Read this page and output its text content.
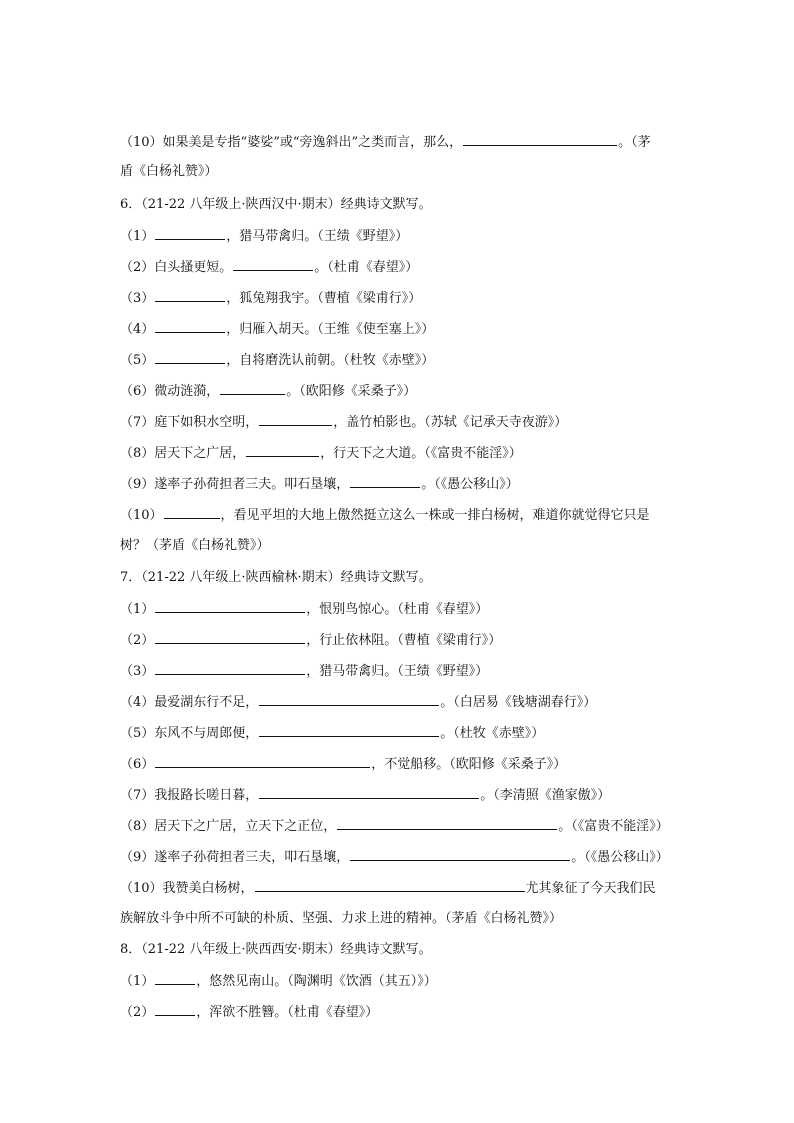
（10）如果美是专指“婆娑”或“旁逸斜出”之类而言，那么，	。（茅
盾《白杨礼赞》）
6．（21-22 八年级上·陕西汉中·期末）经典诗文默写。
（1）	，猎马带禽归。（王绩《野望》）
（2）白头搔更短。	。（杜甫《春望》）
（3）	，狐兔翔我宇。（曹植《梁甫行》）
（4）	，归雁入胡天。（王维《使至塞上》）
（5）	，自将磨洗认前朝。（杜牧《赤壁》）
（6）微动涟漪，	。（欧阳修《采桑子》）
（7）庭下如积水空明，	，盖竹柏影也。（苏轼《记承天寺夜游》）
（8）居天下之广居，	，行天下之大道。（《富贵不能淫》）
（9）遂率子孙荷担者三夫。叩石垦壤，	。（《愚公移山》）
（10）	，看见平坦的大地上傲然挺立这么一株或一排白杨树，难道你就觉得它只是
树？（茅盾《白杨礼赞》）
7．（21-22 八年级上·陕西榆林·期末）经典诗文默写。
（1）	，恨别鸟惊心。（杜甫《春望》）
（2）	，行止依林阻。（曹植《梁甫行》）
（3）	，猎马带禽归。（王绩《野望》）
（4）最爱湖东行不足，	。（白居易《钱塘湖春行》）
（5）东风不与周郎便，	。（杜牧《赤壁》）
（6）	，不觉船移。（欧阳修《采桑子》）
（7）我报路长嗟日暮，	。（李清照《渔家傲》）
（8）居天下之广居，立天下之正位，	。（《富贵不能淫》）
（9）遂率子孙荷担者三夫，叩石垦壤，	。（《愚公移山》）
（10）我赞美白杨树，	尤其象征了今天我们民
族解放斗争中所不可缺的朴质、坚强、力求上进的精神。（茅盾《白杨礼赞》）
8．（21-22 八年级上·陕西西安·期末）经典诗文默写。
（1）	，悠然见南山。（陶渊明《饮酒（其五）》）
（2）	，浑欲不胜簪。（杜甫《春望》）
